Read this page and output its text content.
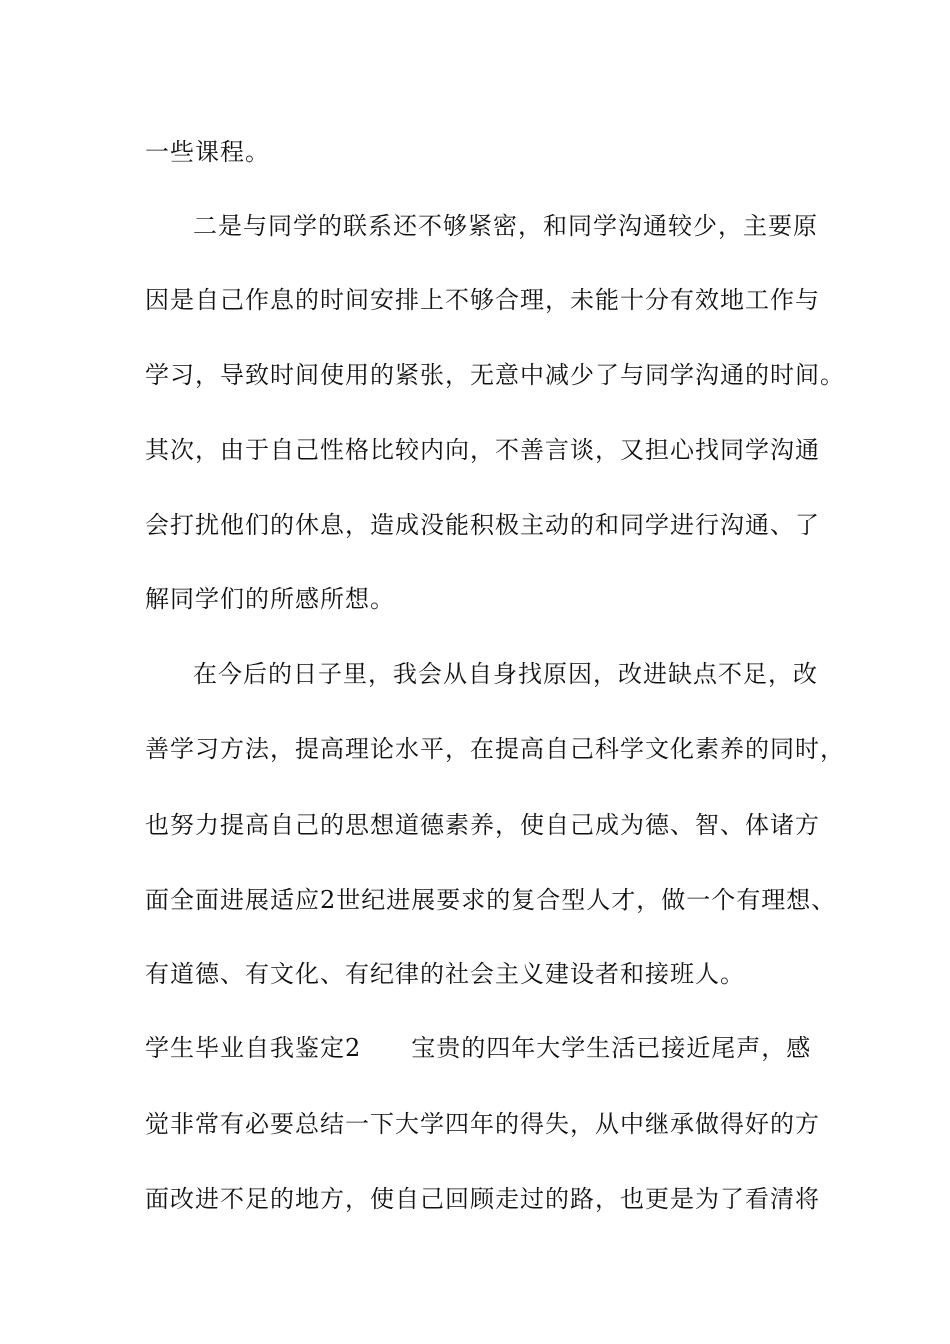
一些课程。
二是与同学的联系还不够紧密，和同学沟通较少，主要原
因是自己作息的时间安排上不够合理，未能十分有效地工作与
学习，导致时间使用的紧张，无意中减少了与同学沟通的时间。
其次，由于自己性格比较内向，不善言谈，又担心找同学沟通
会打扰他们的休息，造成没能积极主动的和同学进行沟通、了
解同学们的所感所想。
在今后的日子里，我会从自身找原因，改进缺点不足，改
善学习方法，提高理论水平，在提高自己科学文化素养的同时，
也努力提高自己的思想道德素养，使自己成为德、智、体诸方
面全面进展适应2世纪进展要求的复合型人才，做一个有理想、
有道德、有文化、有纪律的社会主义建设者和接班人。
学生毕业自我鉴定2　　宝贵的四年大学生活已接近尾声，感
觉非常有必要总结一下大学四年的得失，从中继承做得好的方
面改进不足的地方，使自己回顾走过的路，也更是为了看清将
